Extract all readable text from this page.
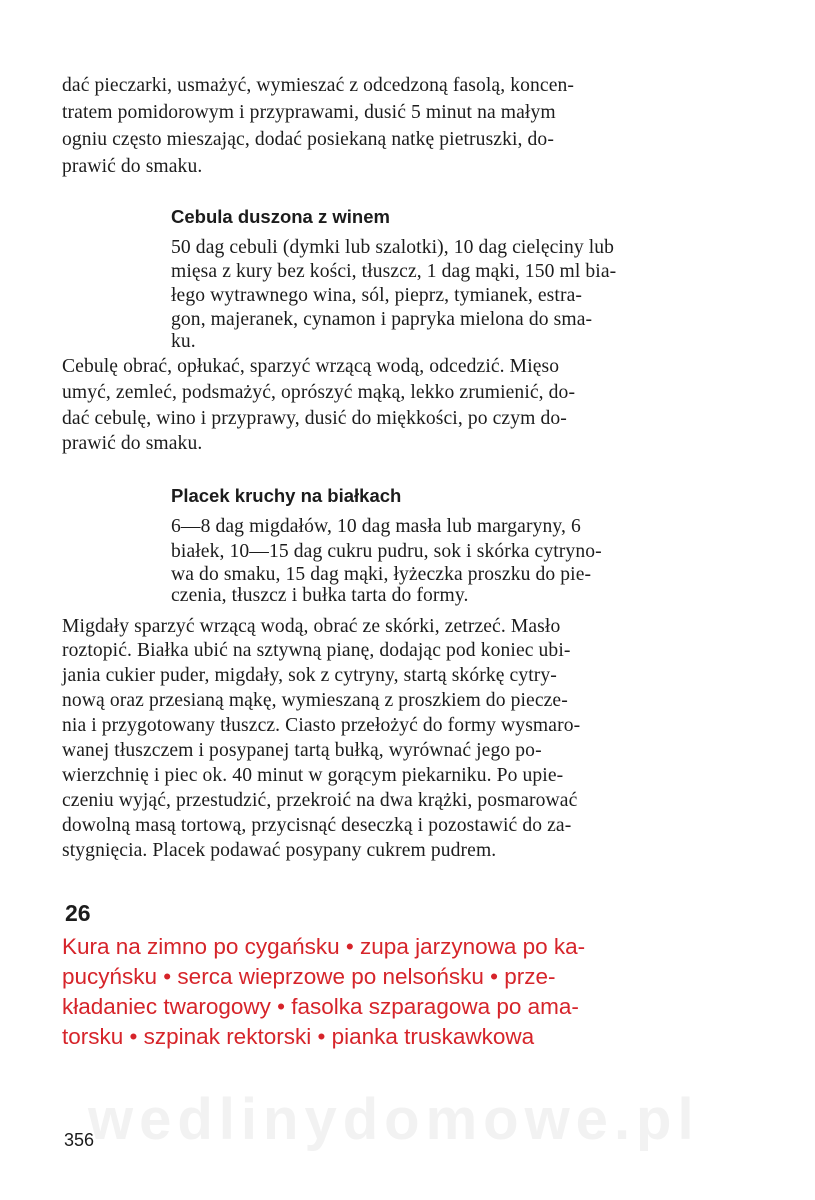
dać pieczarki, usmażyć, wymieszać z odcedzoną fasolą, koncen-
tratem pomidorowym i przyprawami, dusić 5 minut na małym
ogniu często mieszając, dodać posiekaną natkę pietruszki, do-
prawić do smaku.
Cebula duszona z winem
50 dag cebuli (dymki lub szalotki), 10 dag cielęciny lub
mięsa z kury bez kości, tłuszcz, 1 dag mąki, 150 ml bia-
łego wytrawnego wina, sól, pieprz, tymianek, estra-
gon, majeranek, cynamon i papryka mielona do sma-
ku.
Cebulę obrać, opłukać, sparzyć wrzącą wodą, odcedzić. Mięso
umyć, zemleć, podsmażyć, oprószyć mąką, lekko zrumienić, do-
dać cebulę, wino i przyprawy, dusić do miękkości, po czym do-
prawić do smaku.
Placek kruchy na białkach
6—8 dag migdałów, 10 dag masła lub margaryny, 6
białek, 10—15 dag cukru pudru, sok i skórka cytryno-
wa do smaku, 15 dag mąki, łyżeczka proszku do pie-
czenia, tłuszcz i bułka tarta do formy.
Migdały sparzyć wrzącą wodą, obrać ze skórki, zetrzeć. Masło
roztopić. Białka ubić na sztywną pianę, dodając pod koniec ubi-
jania cukier puder, migdały, sok z cytryny, startą skórkę cytry-
nową oraz przesianą mąkę, wymieszaną z proszkiem do piecze-
nia i przygotowany tłuszcz. Ciasto przełożyć do formy wysmaro-
wanej tłuszczem i posypanej tartą bułką, wyrównać jego po-
wierzchnię i piec ok. 40 minut w gorącym piekarniku. Po upie-
czeniu wyjąć, przestudzić, przekroić na dwa krążki, posmarować
dowolną masą tortową, przycisnąć deseczką i pozostawić do za-
stygnięcia. Placek podawać posypany cukrem pudrem.
26
Kura na zimno po cygańsku • zupa jarzynowa po ka-
pucyńsku • serca wieprzowe po nelsońsku • prze-
kładaniec twarogowy • fasolka szparagowa po ama-
torsku • szpinak rektorski • pianka truskawkowa
wedlinydomowe.pl
356
